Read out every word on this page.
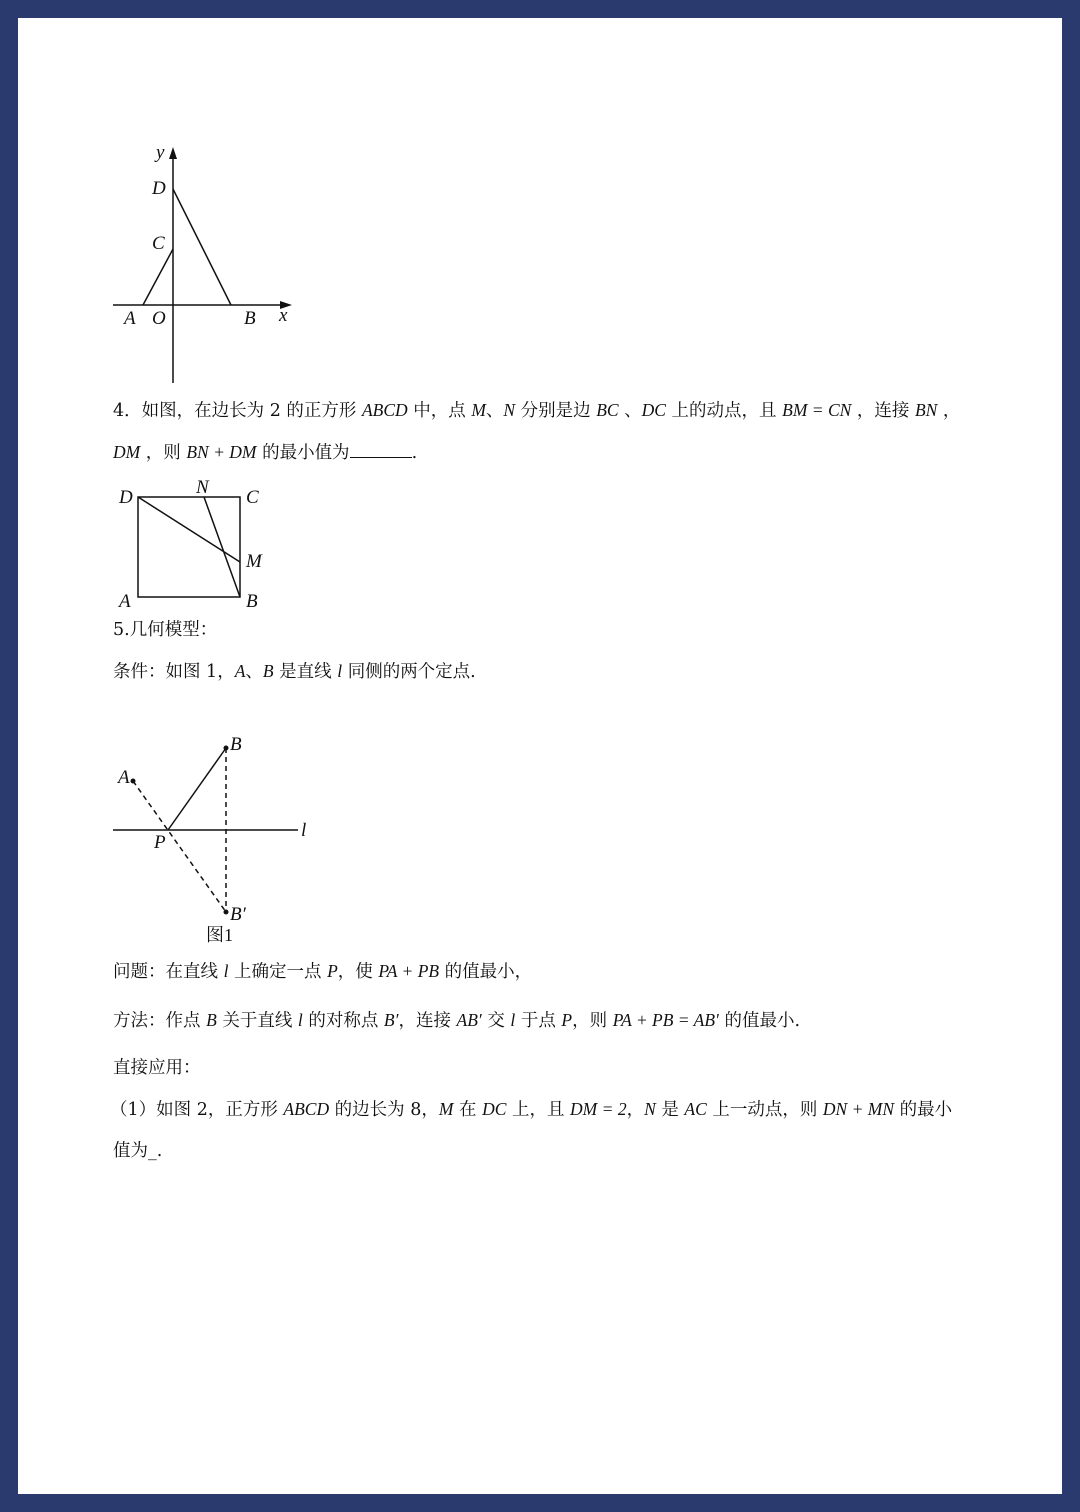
y
D
C
A O	B x
4．如图，在边长为 2 的正方形 ABCD 中，点 M、N 分别是边 BC 、DC 上的动点，且 BM = CN ，连接 BN ，
DM ，则 BN + DM 的最小值为	.
D	N C
M
A	B
5.几何模型：
条件：如图 1，A、B 是直线 l 同侧的两个定点.
A
B
P
l
B′
图1
问题：在直线 l 上确定一点 P，使 PA + PB 的值最小，
方法：作点 B 关于直线 l 的对称点 B′，连接 AB′ 交 l 于点 P，则 PA + PB = AB′ 的值最小.
直接应用：
（1）如图 2，正方形 ABCD 的边长为 8，M 在 DC 上，且 DM = 2，N 是 AC 上一动点，则 DN + MN 的最小
值为_.
